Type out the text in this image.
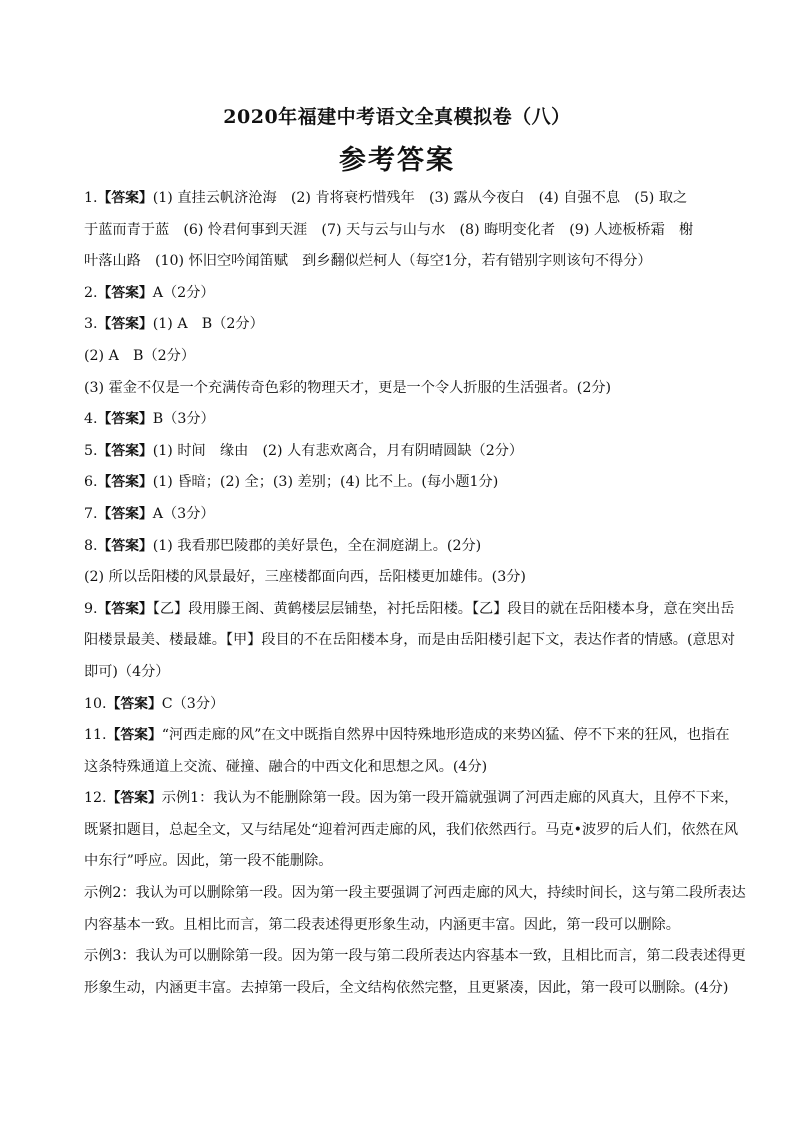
2020年福建中考语文全真模拟卷（八）
参考答案
1.【答案】(1) 直挂云帆济沧海　(2) 肯将衰朽惜残年　(3) 露从今夜白　(4) 自强不息　(5) 取之
于蓝而青于蓝　(6) 怜君何事到天涯　(7) 天与云与山与水　(8) 晦明变化者　(9) 人迹板桥霜　榭
叶落山路　(10) 怀旧空吟闻笛赋　到乡翻似烂柯人（每空1分，若有错别字则该句不得分）
2.【答案】A（2分）
3.【答案】(1) A　B（2分）
(2) A　B（2分）
(3) 霍金不仅是一个充满传奇色彩的物理天才，更是一个令人折服的生活强者。(2分)
4.【答案】B（3分）
5.【答案】(1) 时间　缘由　(2) 人有悲欢离合，月有阴晴圆缺（2分）
6.【答案】(1) 昏暗；(2) 全；(3) 差别；(4) 比不上。(每小题1分)
7.【答案】A（3分）
8.【答案】(1) 我看那巴陵郡的美好景色，全在洞庭湖上。(2分)
(2) 所以岳阳楼的风景最好，三座楼都面向西，岳阳楼更加雄伟。(3分)
9.【答案】【乙】段用滕王阁、黄鹤楼层层铺垫，衬托岳阳楼。【乙】段目的就在岳阳楼本身，意在突出岳
阳楼景最美、楼最雄。【甲】段目的不在岳阳楼本身，而是由岳阳楼引起下文，表达作者的情感。(意思对
即可)（4分）
10.【答案】C（3分）
11.【答案】“河西走廊的风”在文中既指自然界中因特殊地形造成的来势凶猛、停不下来的狂风，也指在
这条特殊通道上交流、碰撞、融合的中西文化和思想之风。(4分)
12.【答案】示例1：我认为不能删除第一段。因为第一段开篇就强调了河西走廊的风真大，且停不下来，
既紧扣题目，总起全文，又与结尾处“迎着河西走廊的风，我们依然西行。马克•波罗的后人们，依然在风
中东行”呼应。因此，第一段不能删除。
示例2：我认为可以删除第一段。因为第一段主要强调了河西走廊的风大，持续时间长，这与第二段所表达
内容基本一致。且相比而言，第二段表述得更形象生动，内涵更丰富。因此，第一段可以删除。
示例3：我认为可以删除第一段。因为第一段与第二段所表达内容基本一致，且相比而言，第二段表述得更
形象生动，内涵更丰富。去掉第一段后，全文结构依然完整，且更紧凑，因此，第一段可以删除。(4分)
